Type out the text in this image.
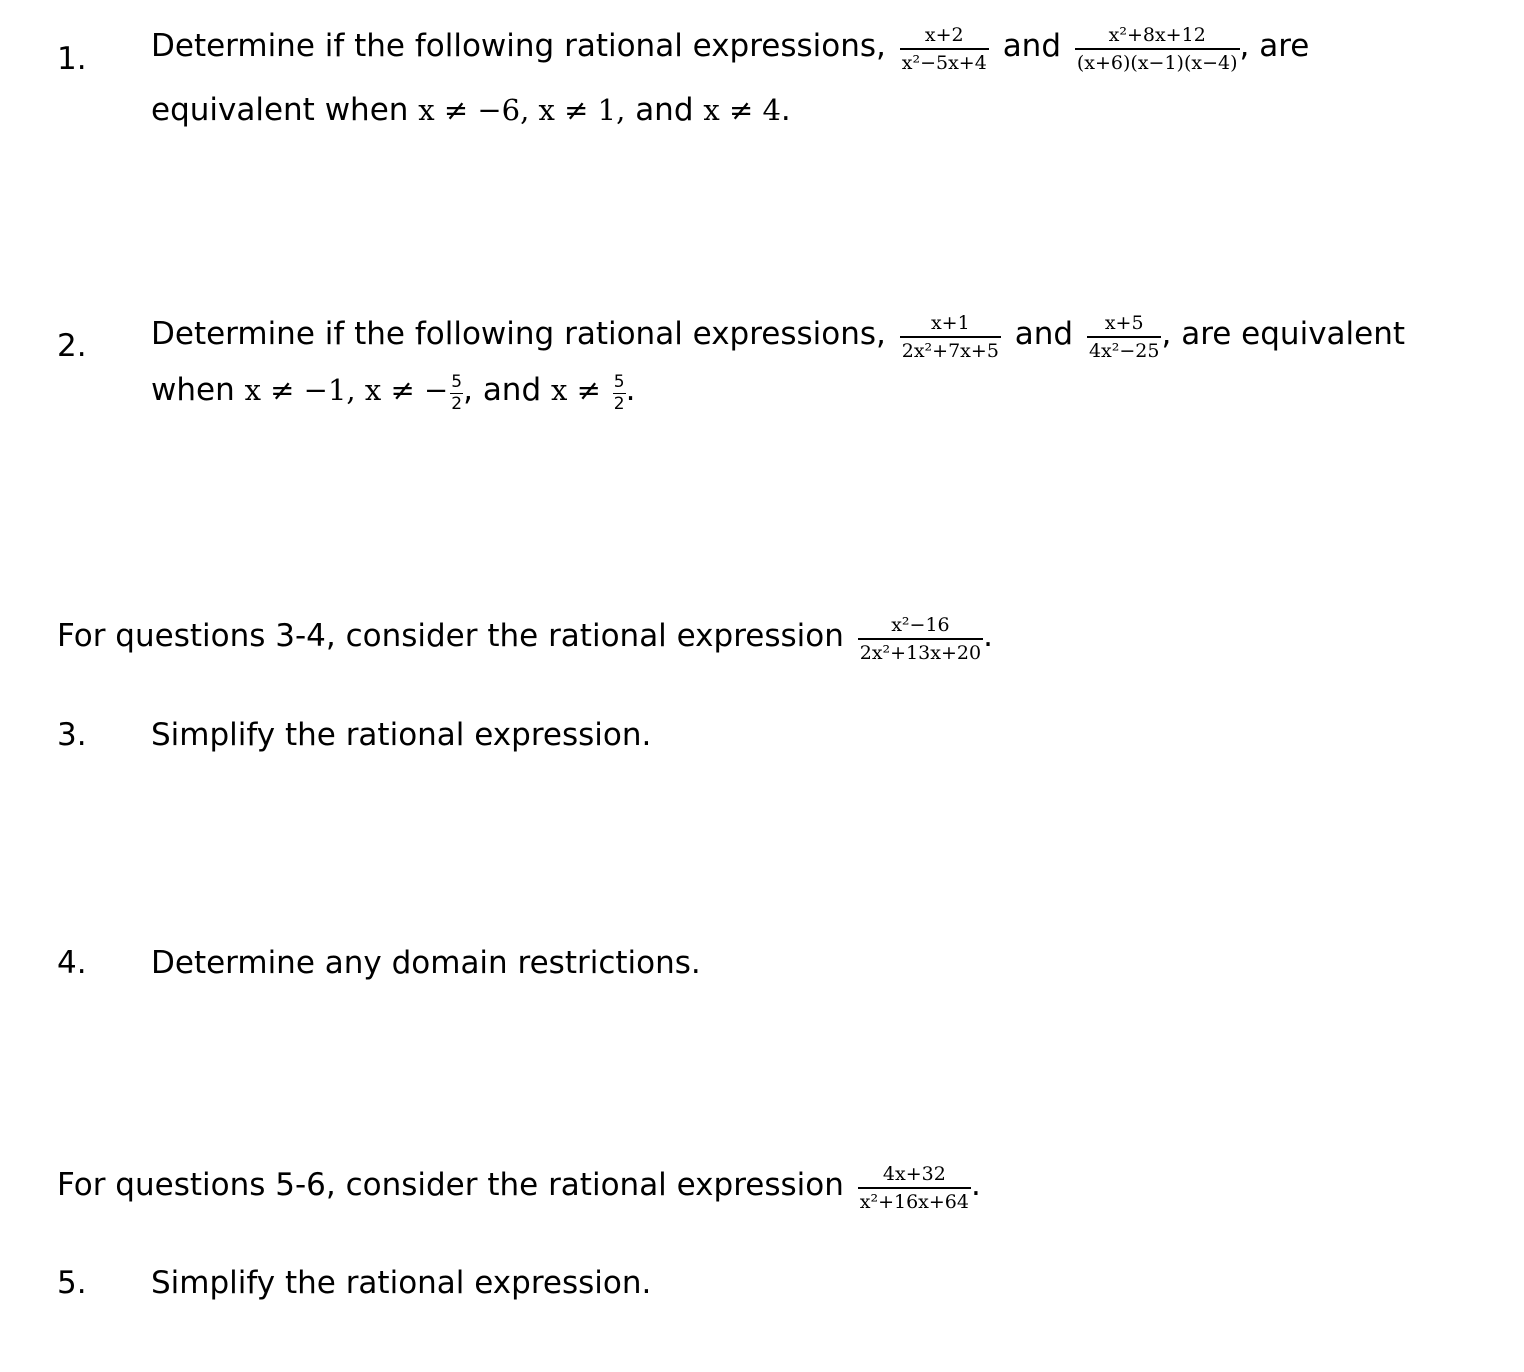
1. Determine if the following rational expressions, $\frac{x+2}{\text{x²−5x+4}}$ and $\frac{\text{x²+8x+12}}{(x+6)(x-1)(x-4)}$ , are
equivalent when x ≠ −6, x ≠ 1, and x ≠ 4.
2. Determine if the following rational expressions, $\frac{x+1}{\text{2x²+7x+5}}$ and $\frac{x+5}{\text{4x²−25}}$ , are equivalent
when x ≠ −1, x ≠ − $\frac{5}{2}$ , and $x \ne \frac{5}{2}$ .
For questions 3-4, consider the rational expression $\frac{\text{x²−16}}{\text{2x²+13x+20}}$ .
3. Simplify the rational expression.
4. Determine any domain restrictions.
For questions 5-6, consider the rational expression $\frac{4x+32}{\text{x²+16x+64}}$ .
5. Simplify the rational expression.
